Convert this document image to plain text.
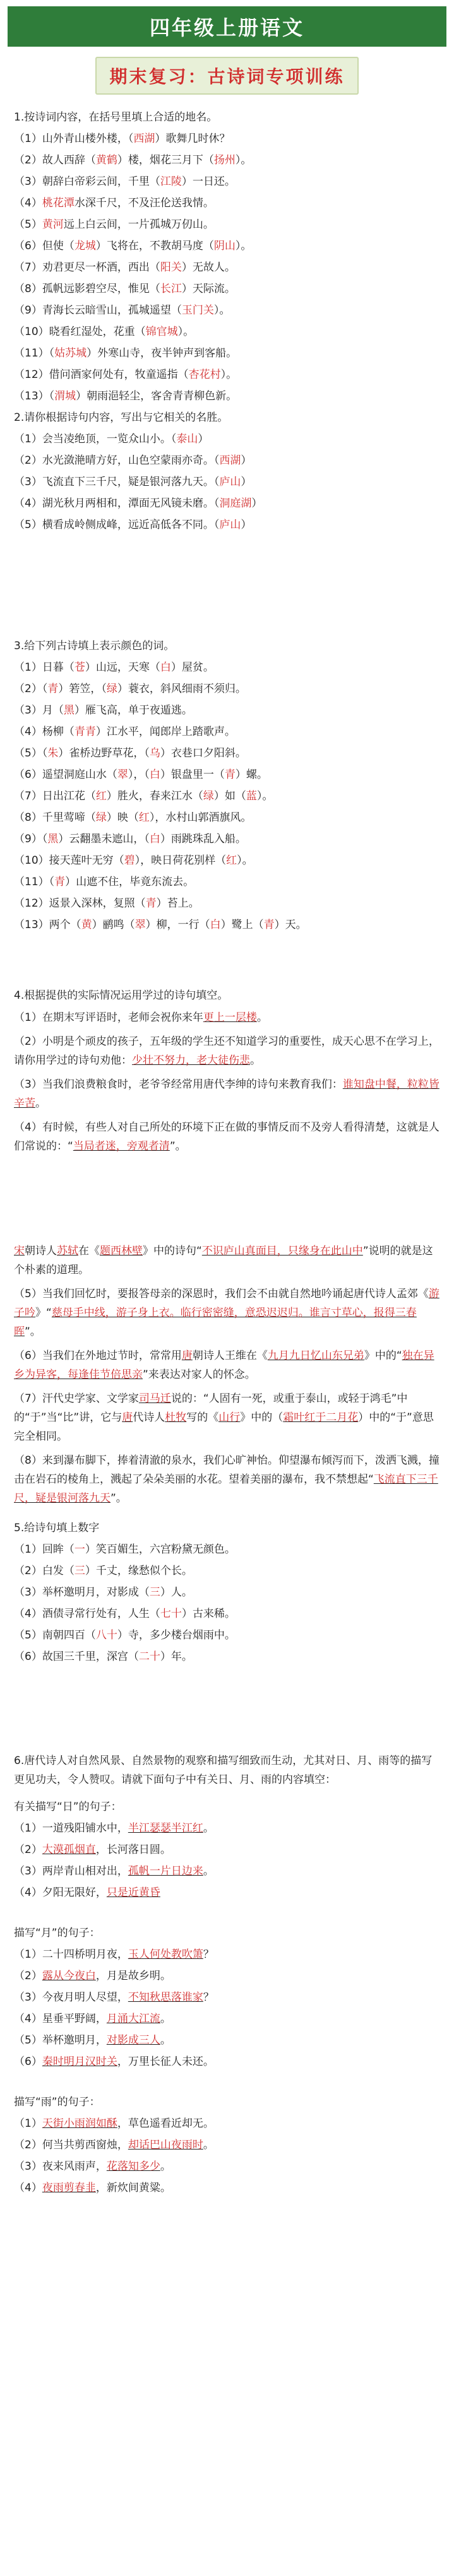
四年级上册语文
期末复习：古诗词专项训练
1.按诗词内容，在括号里填上合适的地名。
（1）山外青山楼外楼，（西湖）歌舞几时休？
（2）故人西辞（黄鹤）楼，烟花三月下（扬州）。
（3）朝辞白帝彩云间，千里（江陵）一日还。
（4）桃花潭水深千尺，不及汪伦送我情。
（5）黄河远上白云间，一片孤城万仞山。
（6）但使（龙城）飞将在，不教胡马度（阴山）。
（7）劝君更尽一杯酒，西出（阳关）无故人。
（8）孤帆远影碧空尽，惟见（长江）天际流。
（9）青海长云暗雪山，孤城遥望（玉门关）。
（10）晓看红湿处，花重（锦官城）。
（11）（姑苏城）外寒山寺，夜半钟声到客船。
（12）借问酒家何处有，牧童遥指（杏花村）。
（13）（渭城）朝雨浥轻尘，客舍青青柳色新。
2.请你根据诗句内容，写出与它相关的名胜。
（1）会当凌绝顶，一览众山小。（泰山）
（2）水光潋滟晴方好，山色空蒙雨亦奇。（西湖）
（3）飞流直下三千尺，疑是银河落九天。（庐山）
（4）湖光秋月两相和，潭面无风镜未磨。（洞庭湖）
（5）横看成岭侧成峰，远近高低各不同。（庐山）
3.给下列古诗填上表示颜色的词。
（1）日暮（苍）山远，天寒（白）屋贫。
（2）（青）箬笠，（绿）蓑衣，斜风细雨不须归。
（3）月（黑）雁飞高，单于夜遁逃。
（4）杨柳（青青）江水平，闻郎岸上踏歌声。
（5）（朱）雀桥边野草花，（乌）衣巷口夕阳斜。
（6）遥望洞庭山水（翠），（白）银盘里一（青）螺。
（7）日出江花（红）胜火，春来江水（绿）如（蓝）。
（8）千里莺啼（绿）映（红），水村山郭酒旗风。
（9）（黑）云翻墨未遮山，（白）雨跳珠乱入船。
（10）接天莲叶无穷（碧），映日荷花别样（红）。
（11）（青）山遮不住，毕竟东流去。
（12）返景入深林，复照（青）苔上。
（13）两个（黄）鹂鸣（翠）柳，一行（白）鹭上（青）天。
4.根据提供的实际情况运用学过的诗句填空。
（1）在期末写评语时，老师会祝你来年更上一层楼。
（2）小明是个顽皮的孩子，五年级的学生还不知道学习的重要性，成天心思不在学习上，请你用学过的诗句劝他：少壮不努力，老大徒伤悲。
（3）当我们浪费粮食时，老爷爷经常用唐代李绅的诗句来教育我们：谁知盘中餐，粒粒皆辛苦。
（4）有时候，有些人对自己所处的环境下正在做的事情反而不及旁人看得清楚，这就是人们常说的：“当局者迷，旁观者清”。
宋朝诗人苏轼在《题西林壁》中的诗句“不识庐山真面目，只缘身在此山中”说明的就是这个朴素的道理。
（5）当我们回忆时，要报答母亲的深恩时，我们会不由就自然地吟诵起唐代诗人孟郊《游子吟》“慈母手中线，游子身上衣。临行密密缝，意恐迟迟归。谁言寸草心，报得三春晖”。
（6）当我们在外地过节时，常常用唐朝诗人王维在《九月九日忆山东兄弟》中的“独在异乡为异客，每逢佳节倍思亲”来表达对家人的怀念。
（7）汗代史学家、文学家司马迁说的：“人固有一死，或重于泰山，或轻于鸿毛”中的“于”当“比”讲，它与唐代诗人杜牧写的《山行》中的（霜叶红于二月花）中的“于”意思完全相同。
（8）来到瀑布脚下，捧着清澈的泉水，我们心旷神怡。仰望瀑布倾泻而下，泼洒飞溅，撞击在岩石的棱角上，溅起了朵朵美丽的水花。望着美丽的瀑布，我不禁想起“飞流直下三千尺，疑是银河落九天”。
5.给诗句填上数字
（1）回眸（一）笑百媚生，六宫粉黛无颜色。
（2）白发（三）千丈，缘愁似个长。
（3）举杯邀明月，对影成（三）人。
（4）酒债寻常行处有，人生（七十）古来稀。
（5）南朝四百（八十）寺，多少楼台烟雨中。
（6）故国三千里，深宫（二十）年。
6.唐代诗人对自然风景、自然景物的观察和描写细致而生动，尤其对日、月、雨等的描写更见功夫，令人赞叹。请就下面句子中有关日、月、雨的内容填空：
有关描写“日”的句子：
（1）一道残阳铺水中，半江瑟瑟半江红。
（2）大漠孤烟直，长河落日圆。
（3）两岸青山相对出，孤帆一片日边来。
（4）夕阳无限好，只是近黄昏
描写“月”的句子：
（1）二十四桥明月夜，玉人何处教吹箫？
（2）露从今夜白，月是故乡明。
（3）今夜月明人尽望，不知秋思落谁家？
（4）星垂平野阔，月涌大江流。
（5）举杯邀明月，对影成三人。
（6）秦时明月汉时关，万里长征人未还。
描写“雨”的句子：
（1）天街小雨润如酥，草色遥看近却无。
（2）何当共剪西窗烛，却话巴山夜雨时。
（3）夜来风雨声，花落知多少。
（4）夜雨剪春韭，新炊间黄粱。
